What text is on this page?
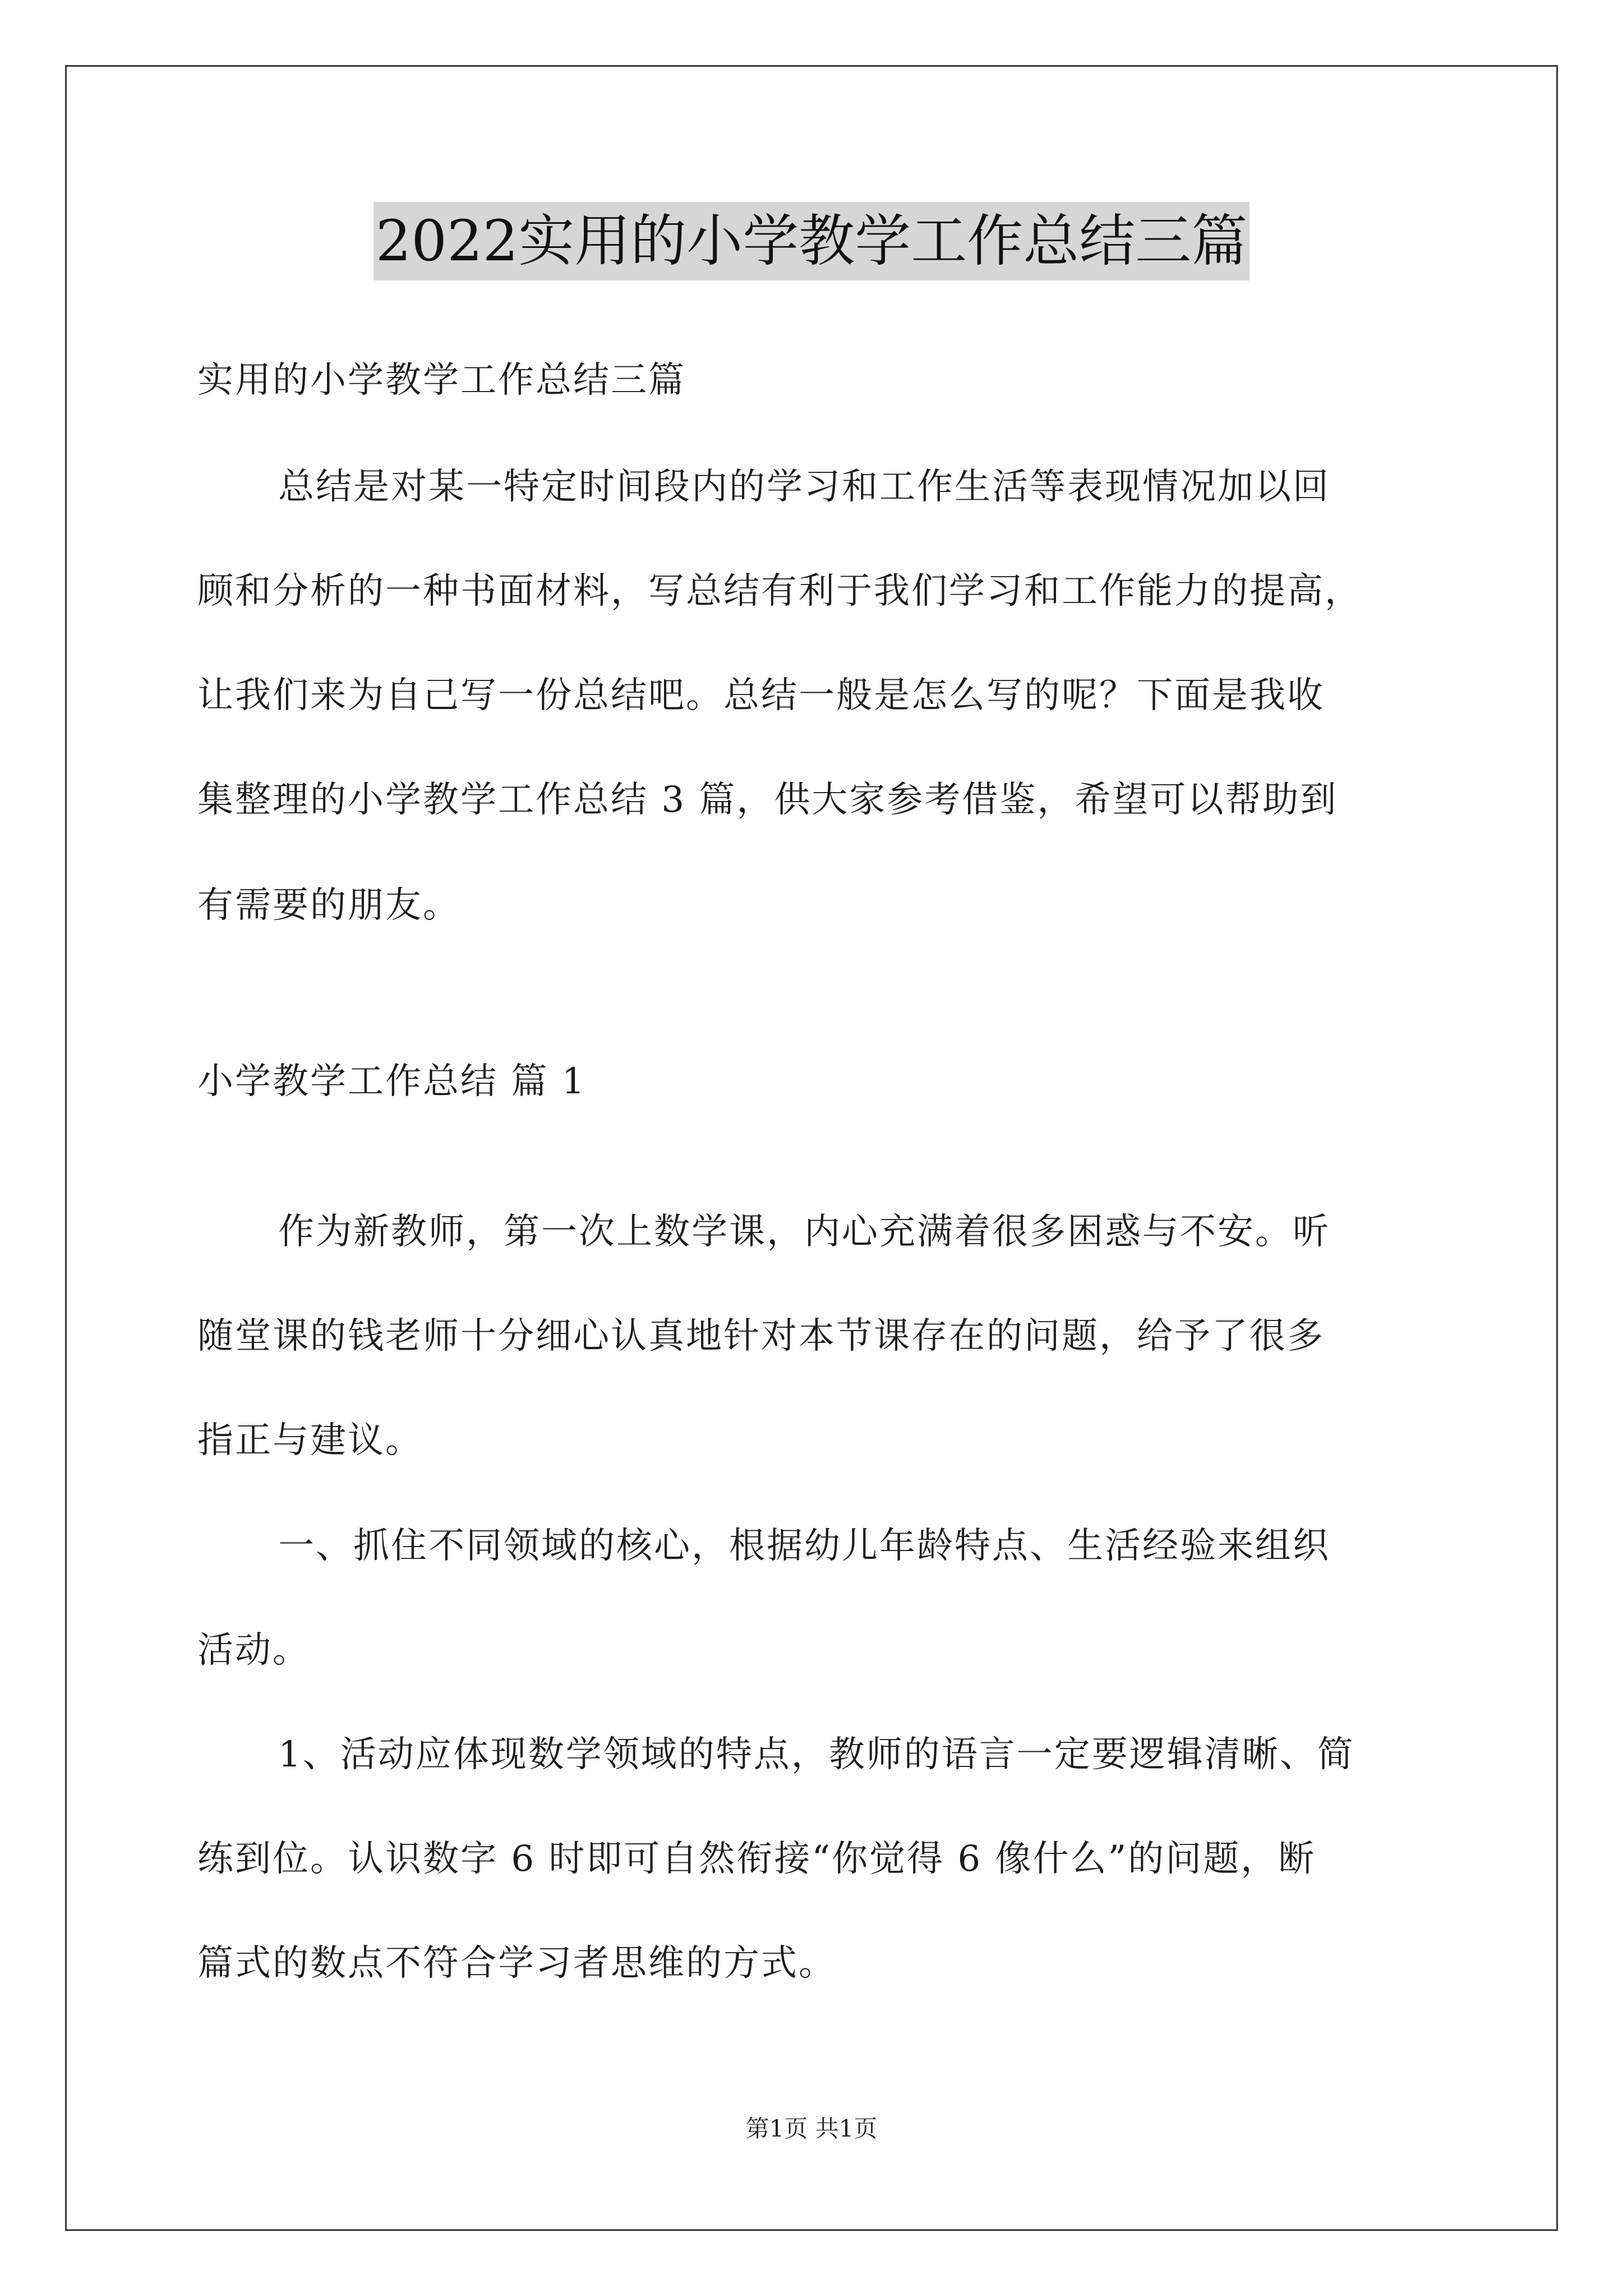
2022实用的小学教学工作总结三篇
实用的小学教学工作总结三篇
总结是对某一特定时间段内的学习和工作生活等表现情况加以回
顾和分析的一种书面材料，写总结有利于我们学习和工作能力的提高，
让我们来为自己写一份总结吧。总结一般是怎么写的呢？下面是我收
集整理的小学教学工作总结 3 篇，供大家参考借鉴，希望可以帮助到
有需要的朋友。
小学教学工作总结 篇 1
作为新教师，第一次上数学课，内心充满着很多困惑与不安。听
随堂课的钱老师十分细心认真地针对本节课存在的问题，给予了很多
指正与建议。
一、抓住不同领域的核心，根据幼儿年龄特点、生活经验来组织
活动。
1、活动应体现数学领域的特点，教师的语言一定要逻辑清晰、简
练到位。认识数字 6 时即可自然衔接“你觉得 6 像什么”的问题，断
篇式的数点不符合学习者思维的方式。
第1页 共1页
